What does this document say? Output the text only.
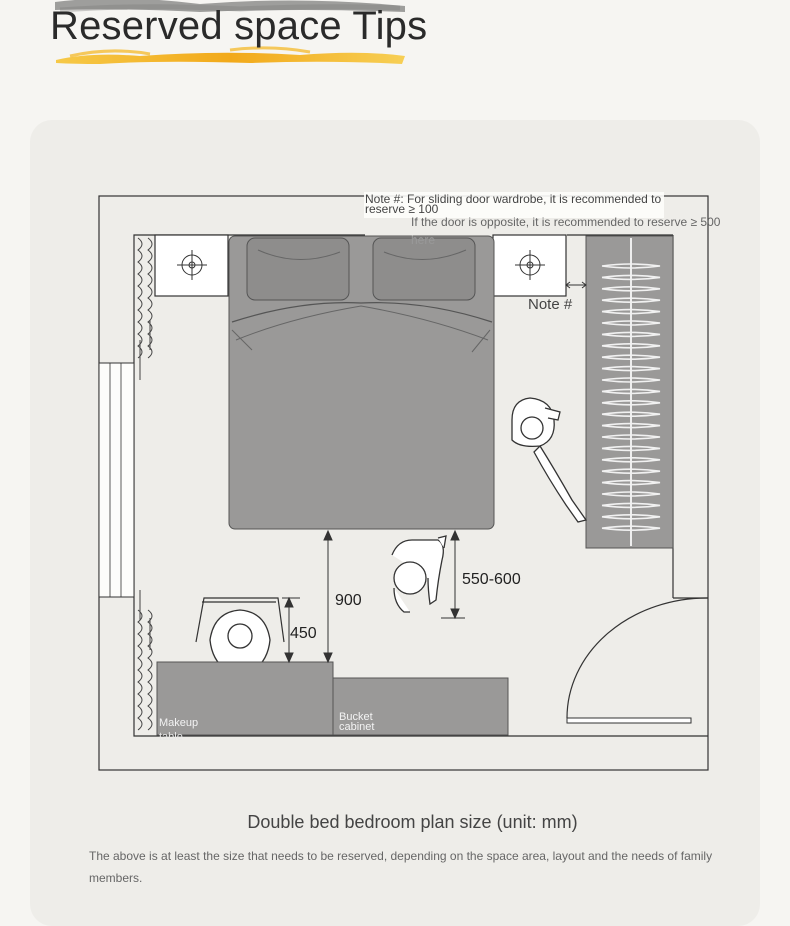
Reserved space Tips
Makeup
table
Bucket
cabinet
900
450
550-600
Note #: For sliding door wardrobe, it is recommended to
reserve ≥ 100
If the door is opposite, it is recommended to reserve ≥ 500
here
Note #

Double bed bedroom plan size (unit: mm)

The above is at least the size that needs to be reserved, depending on the space area, layout and the needs of family members.
